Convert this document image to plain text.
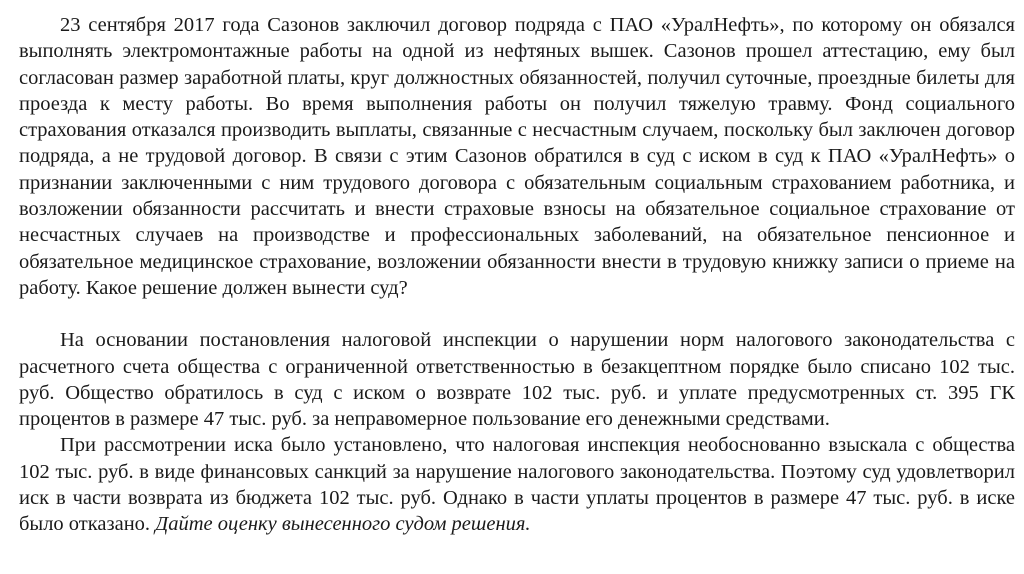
23 сентября 2017 года Сазонов заключил договор подряда с ПАО «УралНефть», по которому он обязался выполнять электромонтажные работы на одной из нефтяных вышек. Сазонов прошел аттестацию, ему был согласован размер заработной платы, круг должностных обязанностей, получил суточные, проездные билеты для проезда к месту работы. Во время выполнения работы он получил тяжелую травму. Фонд социального страхования отказался производить выплаты, связанные с несчастным случаем, поскольку был заключен договор подряда, а не трудовой договор. В связи с этим Сазонов обратился в суд с иском в суд к ПАО «УралНефть» о признании заключенными с ним трудового договора с обязательным социальным страхованием работника, и возложении обязанности рассчитать и внести страховые взносы на обязательное социальное страхование от несчастных случаев на производстве и профессиональных заболеваний, на обязательное пенсионное и обязательное медицинское страхование, возложении обязанности внести в трудовую книжку записи о приеме на работу. Какое решение должен вынести суд?

На основании постановления налоговой инспекции о нарушении норм налогового законодательства с расчетного счета общества с ограниченной ответственностью в безакцептном порядке было списано 102 тыс. руб. Общество обратилось в суд с иском о возврате 102 тыс. руб. и уплате предусмотренных ст. 395 ГК процентов в размере 47 тыс. руб. за неправомерное пользование его денежными средствами.

При рассмотрении иска было установлено, что налоговая инспекция необоснованно взыскала с общества 102 тыс. руб. в виде финансовых санкций за нарушение налогового законодательства. Поэтому суд удовлетворил иск в части возврата из бюджета 102 тыс. руб. Однако в части уплаты процентов в размере 47 тыс. руб. в иске было отказано. Дайте оценку вынесенного судом решения.
